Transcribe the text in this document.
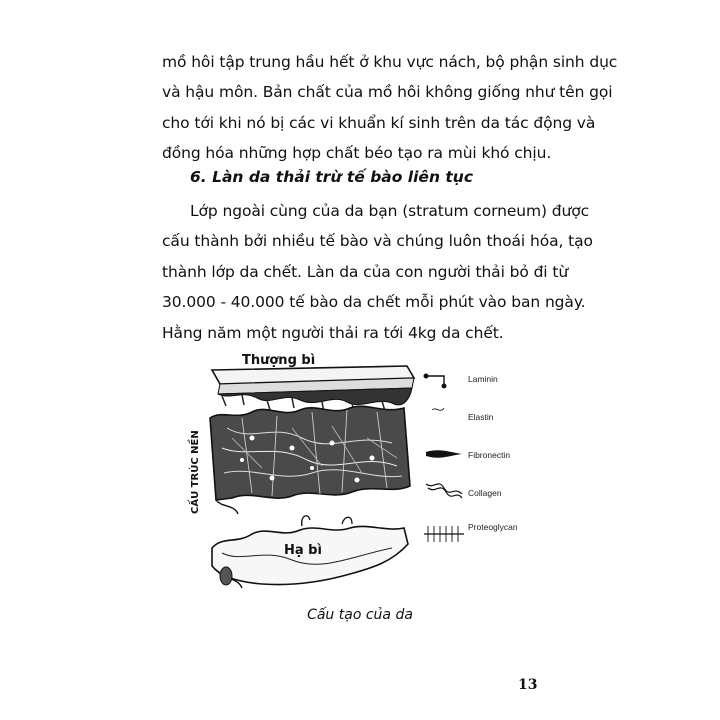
mồ hôi tập trung hầu hết ở khu vực nách, bộ phận sinh dục
và hậu môn. Bản chất của mồ hôi không giống như tên gọi
cho tới khi nó bị các vi khuẩn kí sinh trên da tác động và
đồng hóa những hợp chất béo tạo ra mùi khó chịu.
6. Làn da thải trừ tế bào liên tục
Lớp ngoài cùng của da bạn (stratum corneum) được
cấu thành bởi nhiều tế bào và chúng luôn thoái hóa, tạo
thành lớp da chết. Làn da của con người thải bỏ đi từ
30.000 - 40.000 tế bào da chết mỗi phút vào ban ngày.
Hằng năm một người thải ra tới 4kg da chết.
Thượng bì
CẤU TRÚC NỀN
Hạ bì
Laminin
Elastin
Fibronectin
Collagen
Proteoglycan
Cấu tạo của da
13
